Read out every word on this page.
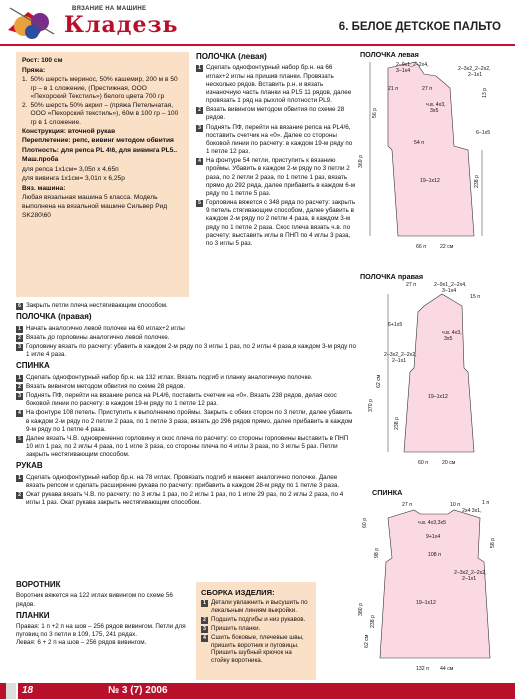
ВЯЗАНИЕ НА МАШИНЕ
Кладезь	6. БЕЛОЕ ДЕТСКОЕ ПАЛЬТО

Рост: 100 см

Пряжа:

1. 50% шерсть меринос, 50% кашемир, 200 м в 50 гр – в 1 сложение, (Престижная, ООО «Пехорский Текстиль») белого цвета 700 гр
2. 50% шерсть 50% акрил – (пряжа Петельчатая, ООО «Пехорский текстиль»), 60м в 100 гр – 100 гр в 1 сложение.

Конструкция: вточной рукав

Переплетение: репс, вивинг методом обвития

Плотность: для репса PL 4\6, для вивинга PL5..

Маш.проба

для репса 1х1см= 3,05п х 4,65п

для вивинга 1х1см= 3,01п х 6,25р

Вяз. машина:

Любая вязальная машина 5 класса. Модель выполнена на вязальной машине Сильвер Рид SK280\60

6 Закрыть петли плеча нестягивающим способом.
ПОЛОЧКА (правая)
1 Начать аналогично левой полочке на 60 иглах+2 иглы
2 Вязать до горловины аналогично левой полочке.
3 Горловину вязать по расчету: убавить в каждом 2-м ряду по 3 иглы 1 раз, по 2 иглы 4 раза,в каждом 3-м ряду по 1 игле 4 раза.
СПИНКА
1 Сделать однофонтурный набор бр.н. на 132 иглах. Вязать подгиб и планку аналогичную полочке.
2 Вязать вивингом методом обвития по схеме 28 рядов.
3 Поднять ПФ, перейти на вязание репса на PL4/6, поставить счетчик на «0». Вязать 238 рядов, делая скос боковой линии по расчету: в каждом 19-м ряду по 1 петле 12 раз.
4 На фонтуре 108 петель. Приступить к выполнению проймы. Закрыть с обеих сторон по 3 петли, далее убавить в каждом 2-м ряду по 2 петли 2 раза, по 1 петле 3 раза, вязать до 296 рядов прямо, далее прибавить в каждом 9-м ряду по 1 петле 4 раза.
5 Далее вязать Ч.В. одновременно горловину и скос плеча по расчету: со стороны горловины выставить в ПНП 10 игл 1 раз, по 2 иглы 4 раза, по 1 игле 3 раза, со стороны плеча по 4 иглы 3 раза, по 3 иглы 5 раз. Петли закрыть нестягивающим способом.
РУКАВ
1 Сделать однофонтурный набор бр.н. на 78 иглах. Провязать подгиб и манжет аналогично полочке. Далее вязать репсом и сделать расширение рукава по расчету: прибавить в каждом 28-м ряду по 1 петле 3 раза.
2 Окат рукава вязать Ч.В. по расчету: по 3 иглы 1 раз, по 2 иглы 1 раз, по 1 игле 29 раз, по 2 иглы 2 раза, по 4 иглы 1 раз. Окат рукава закрыть нестягивающим способом.
ВОРОТНИК

Воротник вяжется на 122 иглах вивингом по схеме 56 рядов.

ПЛАНКИ

Правая: 1 п +2 п на шов – 256 рядов вивингом. Петли для пуговиц по 3 петли в 109, 175, 241 рядах.

Левая: 6 + 2 п на шов – 256 рядов вивингом.

ПОЛОЧКА (левая)
1 Сделать однофонтурный набор бр.н. на 66 иглах+2 иглы на пришив планки. Провязать несколько рядов. Вставить р.н. и вязать изнаночную часть планки на PL5 11 рядов, далее провязать 1 ряд на рыхлой плотности PL9.
2 Вязать вивингом методом обвития по схеме 28 рядов.
3 Поднять ПФ, перейти на вязание репса на PL4/6, поставить счетчик на «0». Далее со стороны боковой линии по расчету: в каждом 19-м ряду по 1 петле 12 раз.
4 На фонтуре 54 петли, приступить к вязанию проймы. Убавить в каждом 2-м ряду по 3 петли 2 раза, по 2 петли 2 раза, по 1 петле 1 раз, вязать прямо до 292 ряда, далее прибавить в каждом 6-м ряду по 1 петле 5 раз.
5 Горловина вяжется с 348 ряда по расчету: закрыть 9 петель стягивающим способом, далее убавить в каждом 2-м ряду по 2 петли 4 раза, в каждом 3-м ряду по 1 петле 2 раза. Скос плеча вязать ч.в. по расчету: выставить иглы в ПНП по 4 иглы 3 раза, по 3 иглы 5 раз.
СБОРКА ИЗДЕЛИЯ:
1 Детали увлажнить и высушить по лекальным линиям выкройки.
2 Подшить подгибы и низ рукавов.
3 Пришить планки.
4 Сшить боковые, плечевые швы, пришить воротник и пуговицы. Пришить шубный крючок на стойку воротника.
ПОЛОЧКА левая
2–9x1_2–2x4,
3–1x4
21 п	27 п
2–3x2_2–2x2,
2–1x1
ч.в. 4x3,
3x5
6–1x5
54 п
19–1x12
66 п	22 см
238 р
369 р
56 р
13 р
ПОЛОЧКА правая
27 п	2–9x1_2–2x4,
3–1x4
15 п
6+1x5
ч.в. 4x3,
3x5
2–3x2_2–2x2,
2–1x1
19–1x12
60 п	20 см
370 р
62 см
238 р
СПИНКА
27 п	10 п	1 п
2x4 3x1,
ч.в. 4x3,3x5
9+1x4
108 п
2–3x2_2–2x2,
2–1x1
19–1x12
132 п 44 см
60 р
98 р
58 р
238 р
380 р
62 см
18	№ 3 (7) 2006
